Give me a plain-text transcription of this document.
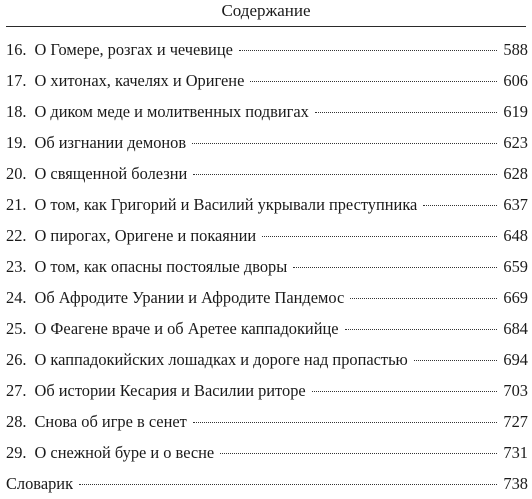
Содержание
16. О Гомере, розгах и чечевице	588
17. О хитонах, качелях и Оригене	606
18. О диком меде и молитвенных подвигах	619
19. Об изгнании демонов	623
20. О священной болезни	628
21. О том, как Григорий и Василий укрывали преступника	637
22. О пирогах, Оригене и покаянии	648
23. О том, как опасны постоялые дворы	659
24. Об Афродите Урании и Афродите Пандемос	669
25. О Феагене враче и об Аретее каппадокийце	684
26. О каппадокийских лошадках и дороге над пропастью	694
27. Об истории Кесария и Василии риторе	703
28. Снова об игре в сенет	727
29. О снежной буре и о весне	731
Словарик	738
